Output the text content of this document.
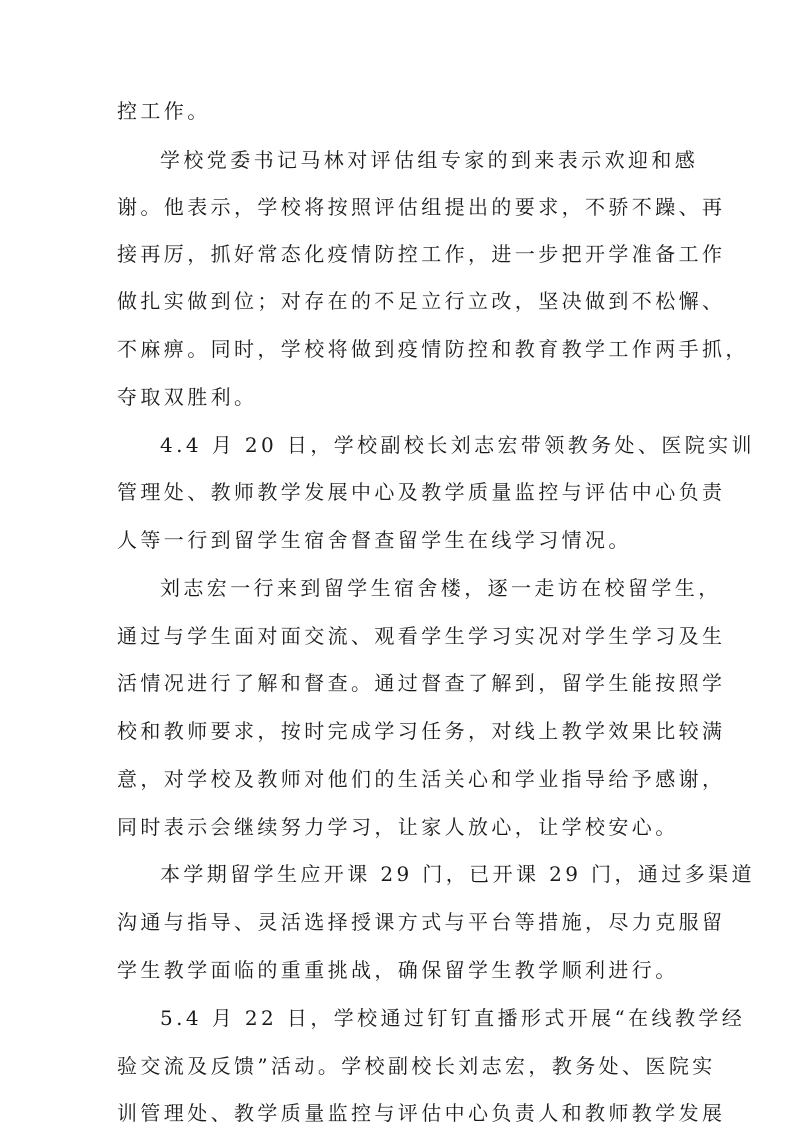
控工作。
学校党委书记马林对评估组专家的到来表示欢迎和感
谢。他表示，学校将按照评估组提出的要求，不骄不躁、再
接再厉，抓好常态化疫情防控工作，进一步把开学准备工作
做扎实做到位；对存在的不足立行立改，坚决做到不松懈、
不麻痹。同时，学校将做到疫情防控和教育教学工作两手抓，
夺取双胜利。
4.4 月 20 日，学校副校长刘志宏带领教务处、医院实训
管理处、教师教学发展中心及教学质量监控与评估中心负责
人等一行到留学生宿舍督查留学生在线学习情况。
刘志宏一行来到留学生宿舍楼，逐一走访在校留学生，
通过与学生面对面交流、观看学生学习实况对学生学习及生
活情况进行了解和督查。通过督查了解到，留学生能按照学
校和教师要求，按时完成学习任务，对线上教学效果比较满
意，对学校及教师对他们的生活关心和学业指导给予感谢，
同时表示会继续努力学习，让家人放心，让学校安心。
本学期留学生应开课 29 门，已开课 29 门，通过多渠道
沟通与指导、灵活选择授课方式与平台等措施，尽力克服留
学生教学面临的重重挑战，确保留学生教学顺利进行。
5.4 月 22 日，学校通过钉钉直播形式开展“在线教学经
验交流及反馈”活动。学校副校长刘志宏，教务处、医院实
训管理处、教学质量监控与评估中心负责人和教师教学发展
